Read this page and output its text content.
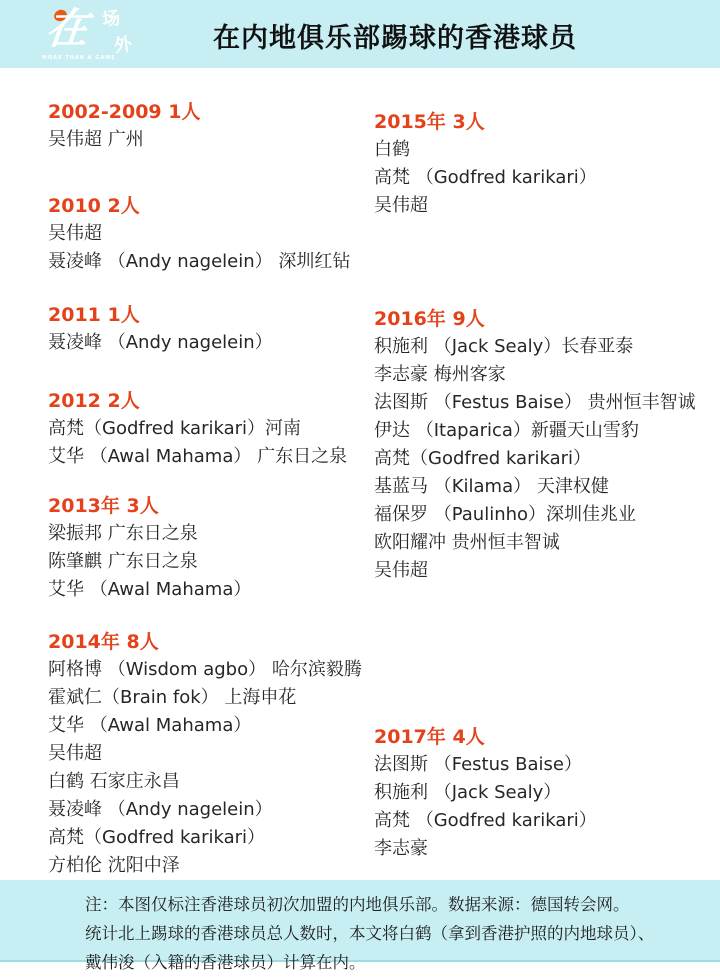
在 场
外
MORE THAN A GAME
在内地俱乐部踢球的香港球员
2002-2009 1人
吴伟超 广州
2010 2人
吴伟超
聂凌峰 （Andy nagelein） 深圳红钻
2011 1人
聂凌峰 （Andy nagelein）
2012 2人
高梵（Godfred karikari）河南
艾华 （Awal Mahama） 广东日之泉
2013年 3人
梁振邦 广东日之泉
陈肇麒 广东日之泉
艾华 （Awal Mahama）
2014年 8人
阿格博 （Wisdom agbo） 哈尔滨毅腾
霍斌仁（Brain fok） 上海申花
艾华 （Awal Mahama）
吴伟超
白鹤 石家庄永昌
聂凌峰 （Andy nagelein）
高梵（Godfred karikari）
方柏伦 沈阳中泽
2015年 3人
白鹤
高梵 （Godfred karikari）
吴伟超
2016年 9人
积施利 （Jack Sealy）长春亚泰
李志豪 梅州客家
法图斯 （Festus Baise） 贵州恒丰智诚
伊达 （Itaparica）新疆天山雪豹
高梵（Godfred karikari）
基蓝马 （Kilama） 天津权健
福保罗 （Paulinho）深圳佳兆业
欧阳耀冲 贵州恒丰智诚
吴伟超
2017年 4人
法图斯 （Festus Baise）
积施利 （Jack Sealy）
高梵 （Godfred karikari）
李志豪
注：本图仅标注香港球员初次加盟的内地俱乐部。数据来源：德国转会网。
统计北上踢球的香港球员总人数时，本文将白鹤（拿到香港护照的内地球员）、
戴伟浚（入籍的香港球员）计算在内。
